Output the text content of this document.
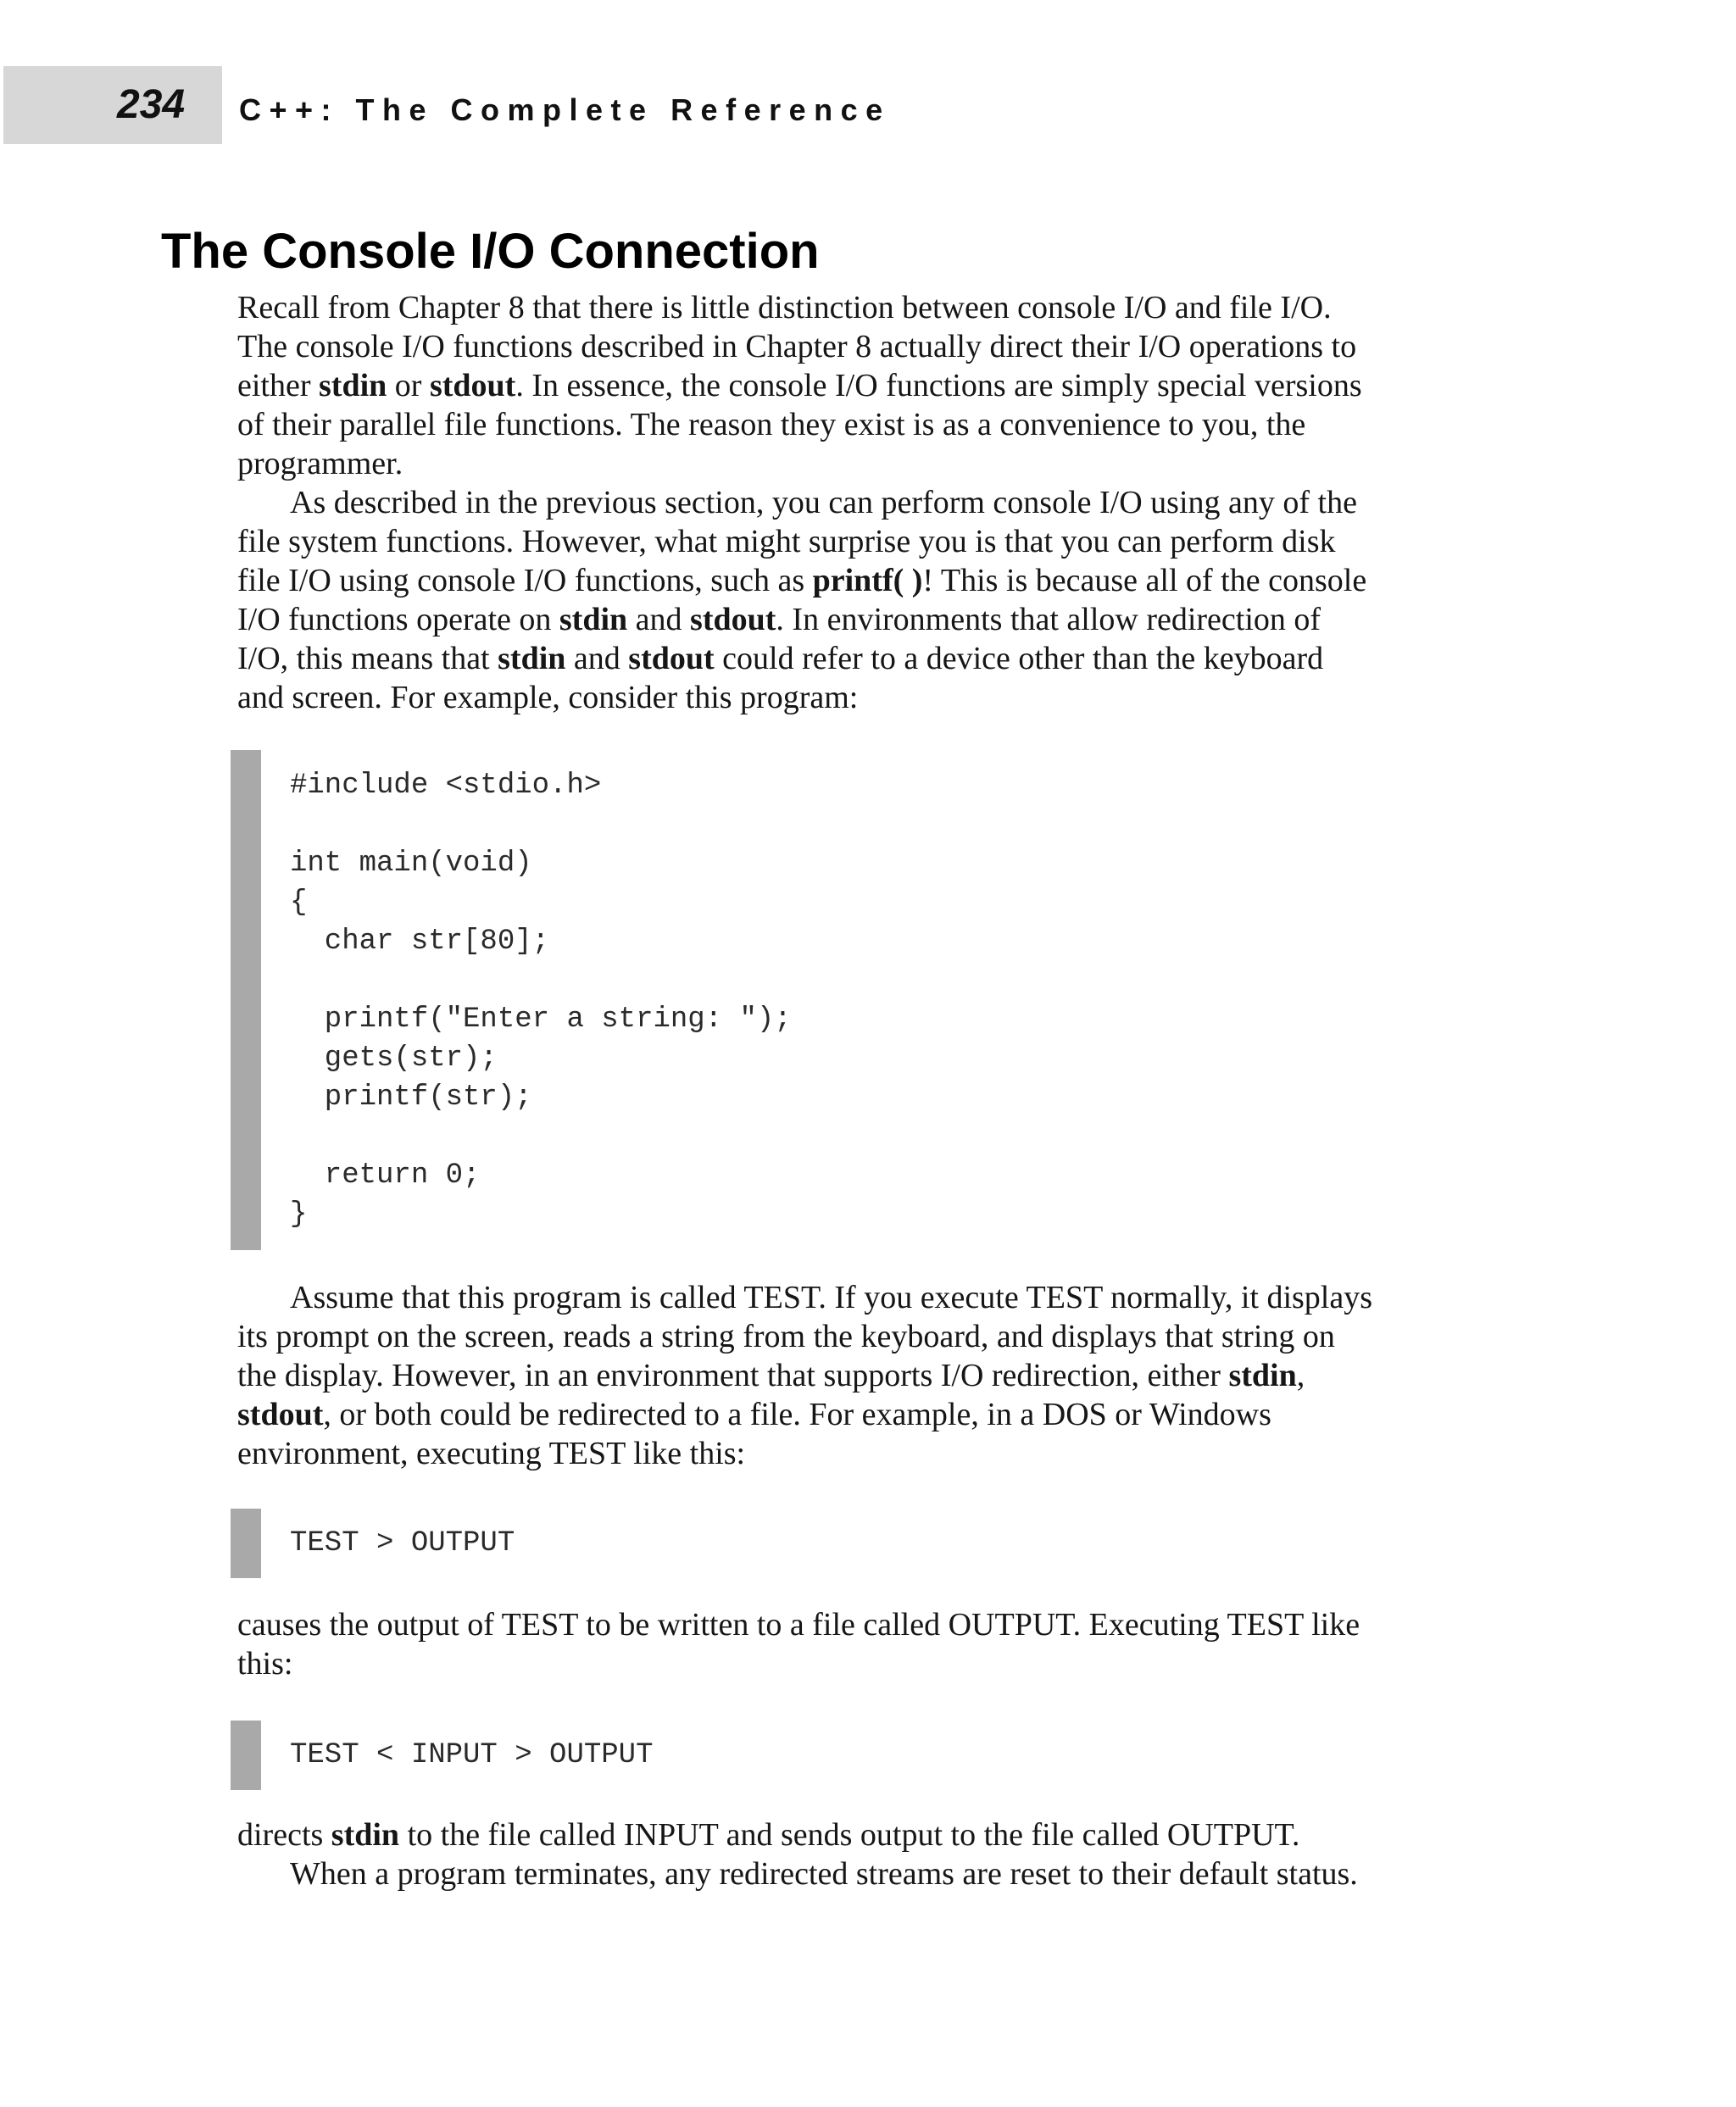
234 C++: The Complete Reference
The Console I/O Connection
Recall from Chapter 8 that there is little distinction between console I/O and file I/O.
The console I/O functions described in Chapter 8 actually direct their I/O operations to
either stdin or stdout. In essence, the console I/O functions are simply special versions
of their parallel file functions. The reason they exist is as a convenience to you, the
programmer.
As described in the previous section, you can perform console I/O using any of the
file system functions. However, what might surprise you is that you can perform disk
file I/O using console I/O functions, such as printf( )! This is because all of the console
I/O functions operate on stdin and stdout. In environments that allow redirection of
I/O, this means that stdin and stdout could refer to a device other than the keyboard
and screen. For example, consider this program:
#include <stdio.h>

int main(void)
{
char str[80];

printf("Enter a string: ");
gets(str);
printf(str);

return 0;
}
Assume that this program is called TEST. If you execute TEST normally, it displays
its prompt on the screen, reads a string from the keyboard, and displays that string on
the display. However, in an environment that supports I/O redirection, either stdin,
stdout, or both could be redirected to a file. For example, in a DOS or Windows
environment, executing TEST like this:
TEST > OUTPUT
causes the output of TEST to be written to a file called OUTPUT. Executing TEST like
this:
TEST < INPUT > OUTPUT
directs stdin to the file called INPUT and sends output to the file called OUTPUT.
When a program terminates, any redirected streams are reset to their default status.
